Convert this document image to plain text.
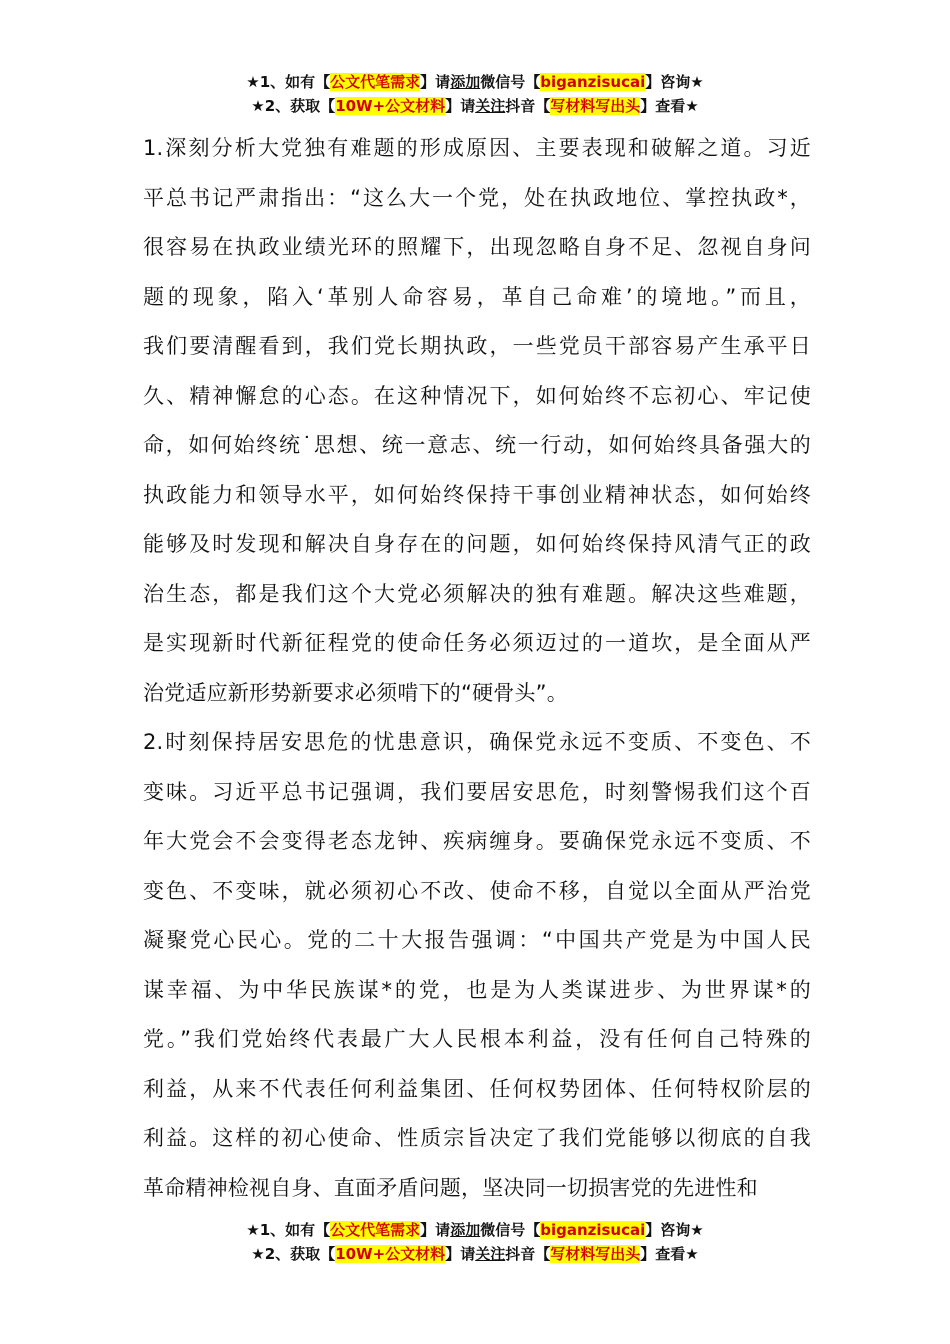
★1、如有【公文代笔需求】请添加微信号【biganzisucai】咨询★
★2、获取【10W+公文材料】请关注抖音【写材料写出头】查看★
1.深刻分析大党独有难题的形成原因、主要表现和破解之道。习近
平总书记严肃指出：“这么大一个党，处在执政地位、掌控执政*，
很容易在执政业绩光环的照耀下，出现忽略自身不足、忽视自身问
题的现象，陷入‘革别人命容易，革自己命难’的境地。”而且，
我们要清醒看到，我们党长期执政，一些党员干部容易产生承平日
久、精神懈怠的心态。在这种情况下，如何始终不忘初心、牢记使
命，如何始终统˙思想、统一意志、统一行动，如何始终具备强大的
执政能力和领导水平，如何始终保持干事创业精神状态，如何始终
能够及时发现和解决自身存在的问题，如何始终保持风清气正的政
治生态，都是我们这个大党必须解决的独有难题。解决这些难题，
是实现新时代新征程党的使命任务必须迈过的一道坎，是全面从严
治党适应新形势新要求必须啃下的“硬骨头”。
2.时刻保持居安思危的忧患意识，确保党永远不变质、不变色、不
变味。习近平总书记强调，我们要居安思危，时刻警惕我们这个百
年大党会不会变得老态龙钟、疾病缠身。要确保党永远不变质、不
变色、不变味，就必须初心不改、使命不移，自觉以全面从严治党
凝聚党心民心。党的二十大报告强调：“中国共产党是为中国人民
谋幸福、为中华民族谋*的党，也是为人类谋进步、为世界谋*的
党。”我们党始终代表最广大人民根本利益，没有任何自己特殊的
利益，从来不代表任何利益集团、任何权势团体、任何特权阶层的
利益。这样的初心使命、性质宗旨决定了我们党能够以彻底的自我
革命精神检视自身、直面矛盾问题，坚决同一切损害党的先进性和
★1、如有【公文代笔需求】请添加微信号【biganzisucai】咨询★
★2、获取【10W+公文材料】请关注抖音【写材料写出头】查看★
